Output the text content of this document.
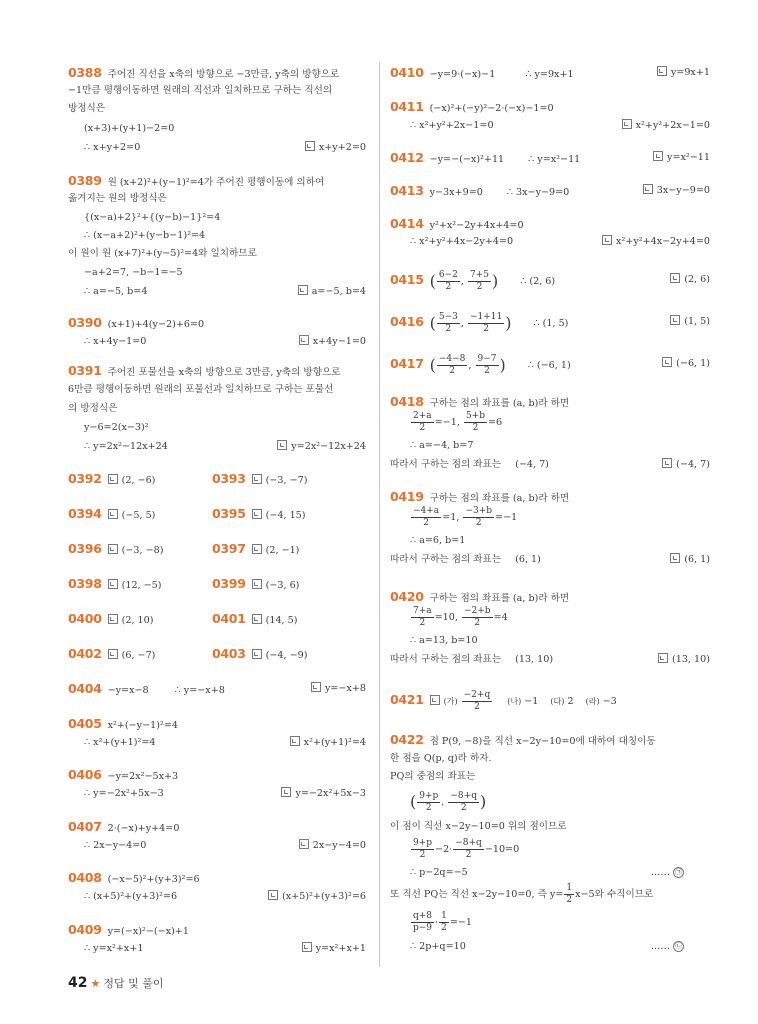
0388 주어진 직선을 x축의 방향으로 −3만큼, y축의 방향으로
−1만큼 평행이동하면 원래의 직선과 일치하므로 구하는 직선의
방정식은
(x+3)+(y+1)−2=0
∴ x+y+2=0	x+y+2=0
0389 원 (x+2)²+(y−1)²=4가 주어진 평행이동에 의하여
옮겨지는 원의 방정식은
{(x−a)+2}²+{(y−b)−1}²=4
∴ (x−a+2)²+(y−b−1)²=4
이 원이 원 (x+7)²+(y−5)²=4와 일치하므로
−a+2=7, −b−1=−5
∴ a=−5, b=4	a=−5, b=4
0390 (x+1)+4(y−2)+6=0
∴ x+4y−1=0	x+4y−1=0
0391 주어진 포물선을 x축의 방향으로 3만큼, y축의 방향으로
6만큼 평행이동하면 원래의 포물선과 일치하므로 구하는 포물선
의 방정식은
y−6=2(x−3)²
∴ y=2x²−12x+24	y=2x²−12x+24
0392 (2, −6)	0393 (−3, −7)
0394 (−5, 5)	0395 (−4, 15)
0396 (−3, −8)	0397 (2, −1)
0398 (12, −5)	0399 (−3, 6)
0400 (2, 10)	0401 (14, 5)
0402 (6, −7)	0403 (−4, −9)
0404 −y=x−8	∴ y=−x+8	y=−x+8
0405 x²+(−y−1)²=4
∴ x²+(y+1)²=4	x²+(y+1)²=4
0406 −y=2x²−5x+3
∴ y=−2x²+5x−3	y=−2x²+5x−3
0407 2·(−x)+y+4=0
∴ 2x−y−4=0	2x−y−4=0
0408 (−x−5)²+(y+3)²=6
∴ (x+5)²+(y+3)²=6	(x+5)²+(y+3)²=6
0409 y=(−x)²−(−x)+1
∴ y=x²+x+1	y=x²+x+1
0410 −y=9·(−x)−1	∴ y=9x+1	y=9x+1
0411 (−x)²+(−y)²−2·(−x)−1=0
∴ x²+y²+2x−1=0	x²+y²+2x−1=0
0412 −y=−(−x)²+11	∴ y=x²−11	y=x²−11
0413 y−3x+9=0	∴ 3x−y−9=0	3x−y−9=0
0414 y²+x²−2y+4x+4=0
∴ x²+y²+4x−2y+4=0	x²+y²+4x−2y+4=0
0415 ( $\frac{6-2}{2}$ , $\frac{7+5}{2}$ ) ∴ (2, 6)	(2, 6)
0416 ( $\frac{5-3}{2}$ , $\frac{-1+11}{2}$ ) ∴ (1, 5)	(1, 5)
0417 ( $\frac{-4-8}{2}$ , $\frac{9-7}{2}$ ) ∴ (−6, 1)	(−6, 1)
0418 구하는 점의 좌표를 (a, b)라 하면
$\frac{2+a}{2} =-1$, $\frac{5+b}{2} =6$
∴ a=−4, b=7
따라서 구하는 점의 좌표는 (−4, 7)	(−4, 7)
0419 구하는 점의 좌표를 (a, b)라 하면
$\frac{-4+a}{2} =1$, $\frac{-3+b}{2} =-1$
∴ a=6, b=1
따라서 구하는 점의 좌표는 (6, 1)	(6, 1)
0420 구하는 점의 좌표를 (a, b)라 하면
$\frac{7+a}{2} =10$, $\frac{-2+b}{2} =4$
∴ a=13, b=10
따라서 구하는 점의 좌표는 (13, 10)	(13, 10)
0421	(가) $\frac{-2+q}{2}$ (나) −1 (다) 2 (라) −3
0422 점 P(9, −8)을 직선 x−2y−10=0에 대하여 대칭이동
한 점을 Q(p, q)라 하자.
PQ의 중점의 좌표는
( $\frac{9+p}{2}$ , $\frac{-8+q}{2}$ )
이 점이 직선 x−2y−10=0 위의 점이므로
$\frac{9+p}{2} -2\cdot \frac{-8+q}{2} -10=0$
∴ p−2q=−5	…… ㉠
또 직선 PQ는 직선 x−2y−10=0, 즉 $y= \frac{1}{2} x-5$와 수직이므로
$\frac{q+8}{p-9} \cdot \frac{1}{2} =-1$
∴ 2p+q=10	…… ㉡
42 ★ 정답 및 풀이
